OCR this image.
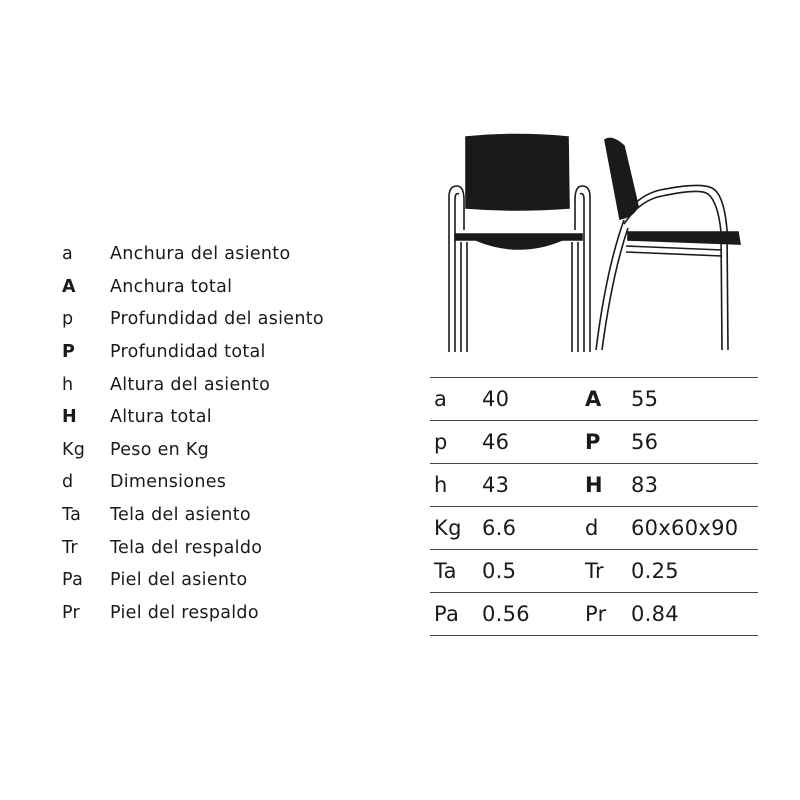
a	Anchura del asiento
A	Anchura total
p	Profundidad del asiento
P	Profundidad total
h	Altura del asiento
H	Altura total
Kg	Peso en Kg
d	Dimensiones
Ta	Tela del asiento
Tr	Tela del respaldo
Pa	Piel del asiento
Pr	Piel del respaldo
a	40	A	55
p	46	P	56
h	43	H	83
Kg 6.6	d	60x60x90
Ta	0.5	Tr	0.25
Pa	0.56	Pr	0.84
